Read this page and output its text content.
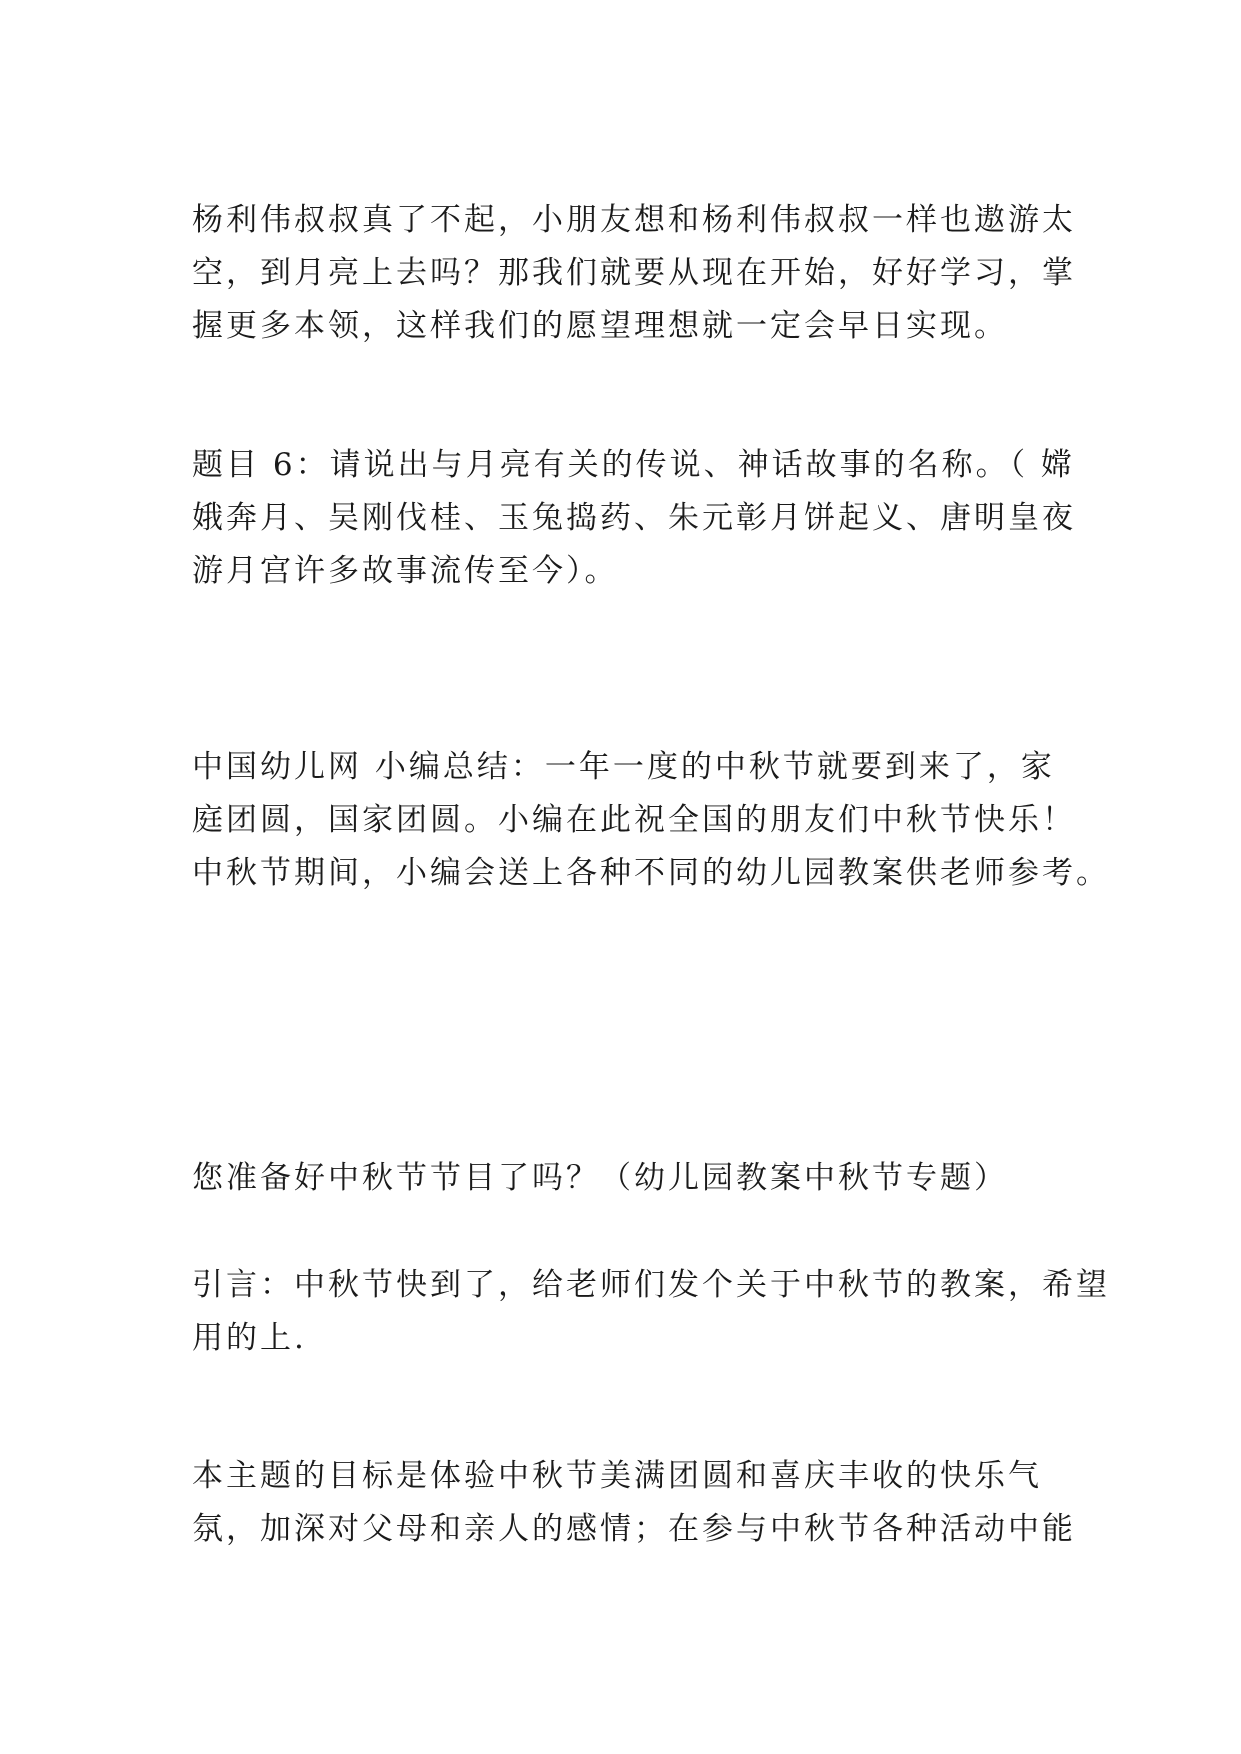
杨利伟叔叔真了不起，小朋友想和杨利伟叔叔一样也遨游太

空，到月亮上去吗？那我们就要从现在开始，好好学习，掌

握更多本领，这样我们的愿望理想就一定会早日实现。

题目 6：请说出与月亮有关的传说、神话故事的名称。（ 嫦

娥奔月、吴刚伐桂、玉兔捣药、朱元彰月饼起义、唐明皇夜

游月宫许多故事流传至今）。

中国幼儿网 小编总结：一年一度的中秋节就要到来了，家

庭团圆，国家团圆。小编在此祝全国的朋友们中秋节快乐！

中秋节期间，小编会送上各种不同的幼儿园教案供老师参考。

您准备好中秋节节目了吗？（幼儿园教案中秋节专题）

引言：中秋节快到了，给老师们发个关于中秋节的教案，希望

用的上.

本主题的目标是体验中秋节美满团圆和喜庆丰收的快乐气

氛，加深对父母和亲人的感情；在参与中秋节各种活动中能
